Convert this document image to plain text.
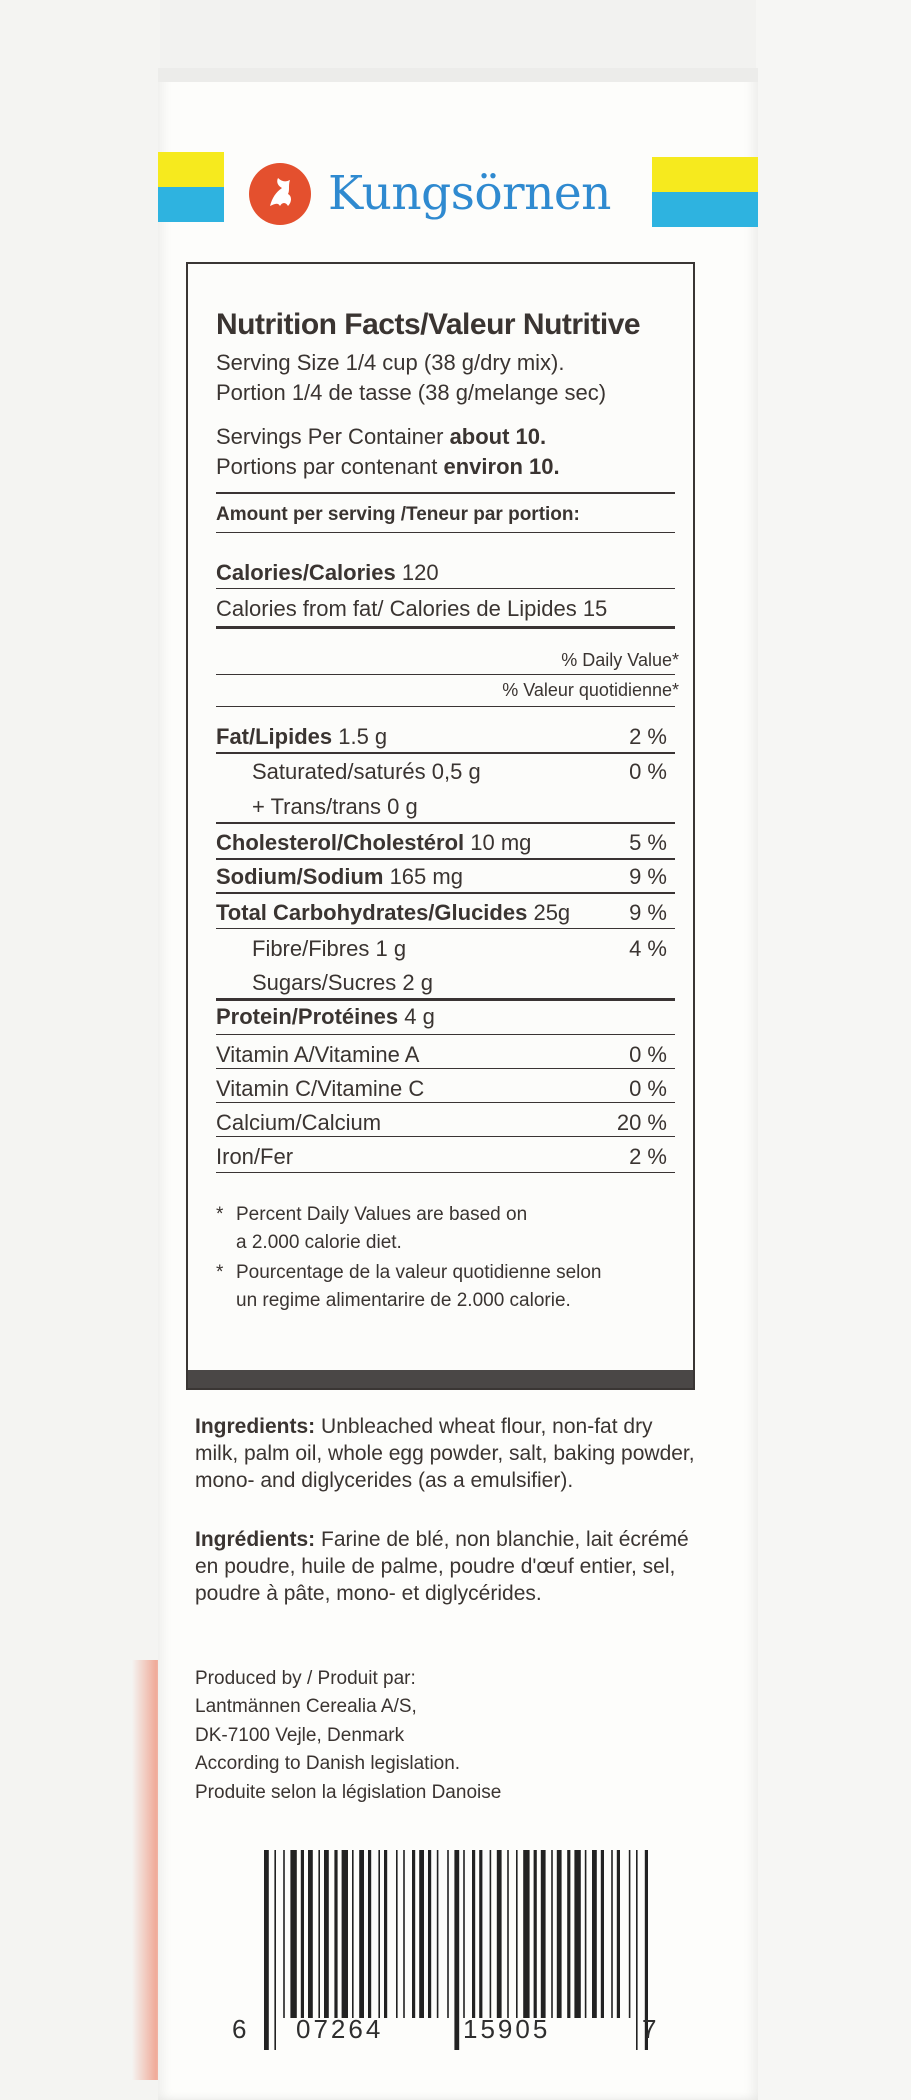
Kungsörnen
Nutrition Facts/Valeur Nutritive
Serving Size 1/4 cup (38 g/dry mix).
Portion 1/4 de tasse (38 g/melange sec)
Servings Per Container about 10.
Portions par contenant environ 10.
Amount per serving /Teneur par portion:
Calories/Calories 120
Calories from fat/ Calories de Lipides 15
% Daily Value*
% Valeur quotidienne*
Fat/Lipides 1.5 g	2 %
Saturated/saturés 0,5 g	0 %
+ Trans/trans 0 g
Cholesterol/Cholestérol 10 mg	5 %
Sodium/Sodium 165 mg	9 %
Total Carbohydrates/Glucides 25g	9 %
Fibre/Fibres 1 g	4 %
Sugars/Sucres 2 g
Protein/Protéines 4 g
Vitamin A/Vitamine A	0 %
Vitamin C/Vitamine C	0 %
Calcium/Calcium	20 %
Iron/Fer	2 %
* Percent Daily Values are based on
a 2.000 calorie diet.
* Pourcentage de la valeur quotidienne selon
un regime alimentarire de 2.000 calorie.
Ingredients: Unbleached wheat flour, non-fat dry milk, palm oil, whole egg powder, salt, baking powder, mono- and diglycerides (as a emulsifier).
Ingrédients: Farine de blé, non blanchie, lait écrémé en poudre, huile de palme, poudre d'œuf entier, sel, poudre à pâte, mono- et diglycérides.
Produced by / Produit par:
Lantmännen Cerealia A/S,
DK-7100 Vejle, Denmark
According to Danish legislation.
Produite selon la législation Danoise
6 07264	15905	7
